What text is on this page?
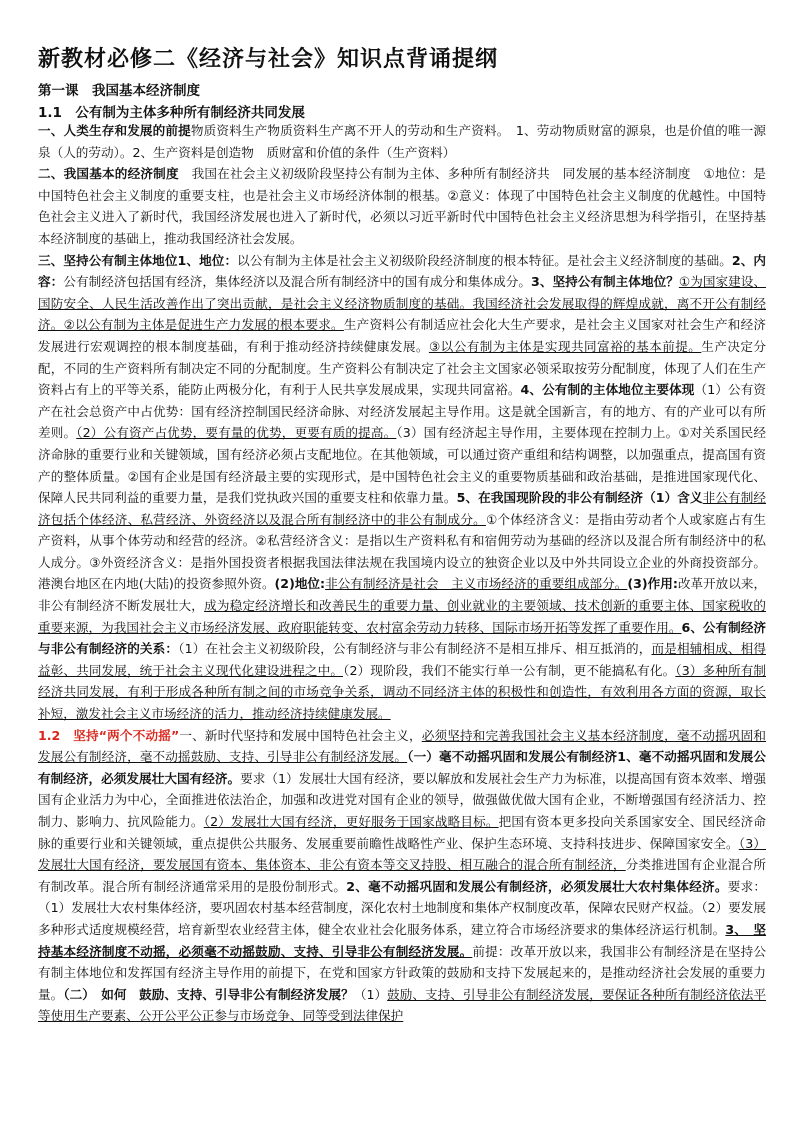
新教材必修二《经济与社会》知识点背诵提纲
第一课　我国基本经济制度
1.1　公有制为主体多种所有制经济共同发展

一、人类生存和发展的前提物质资料生产物质资料生产离不开人的劳动和生产资料。　1、劳动物质财富的源泉，也是价值的唯一源泉（人的劳动）。2、生产资料是创造物　质财富和价值的条件（生产资料）

二、我国基本的经济制度　我国在社会主义初级阶段坚持公有制为主体、多种所有制经济共　同发展的基本经济制度　①地位：是中国特色社会主义制度的重要支柱，也是社会主义市场经济体制的根基。②意义：体现了中国特色社会主义制度的优越性。中国特色社会主义进入了新时代，我国经济发展也进入了新时代，必须以习近平新时代中国特色社会主义经济思想为科学指引，在坚持基本经济制度的基础上，推动我国经济社会发展。

三、坚持公有制主体地位1、地位：以公有制为主体是社会主义初级阶段经济制度的根本特征。是社会主义经济制度的基础。2、内容：公有制经济包括国有经济，集体经济以及混合所有制经济中的国有成分和集体成分。3、坚持公有制主体地位？①为国家建设、国防安全、人民生活改善作出了突出贡献，是社会主义经济物质制度的基础。我国经济社会发展取得的辉煌成就，离不开公有制经济。②以公有制为主体是促进生产力发展的根本要求。生产资料公有制适应社会化大生产要求，是社会主义国家对社会生产和经济发展进行宏观调控的根本制度基础，有利于推动经济持续健康发展。③以公有制为主体是实现共同富裕的基本前提。生产决定分配，不同的生产资料所有制决定不同的分配制度。生产资料公有制决定了社会主文国家必领采取按劳分配制度，体现了人们在生产资料占有上的平等关系，能防止两极分化，有利于人民共享发展成果，实现共同富裕。4、公有制的主体地位主要体现（1）公有资产在社会总资产中占优势：国有经济控制国民经济命脉、对经济发展起主导作用。这是就全国新言，有的地方、有的产业可以有所差则。（2）公有资产占优势，要有量的优势，更要有质的提高。（3）国有经济起主导作用，主要体现在控制力上。①对关系国民经济命脉的重要行业和关键领域，国有经济必须占支配地位。在其他领域，可以通过资产重组和结构调整，以加强重点，提高国有资产的整体质量。②国有企业是国有经济最主要的实现形式，是中国特色社会主义的重要物质基础和政治基础，是推进国家现代化、保障人民共同利益的重要力量，是我们党执政兴国的重要支柱和依靠力量。5、在我国现阶段的非公有制经济（1）含义非公有制经济包括个体经济、私营经济、外资经济以及混合所有制经济中的非公有制成分。①个体经济含义：是指由劳动者个人或家庭占有生产资料，从事个体劳动和经营的经济。②私营经济含义：是指以生产资料私有和宿佣劳动为基础的经济以及混合所有制经济中的私人成分。③外资经济含义：是指外国投资者根据我国法律法规在我国境内设立的独资企业以及中外共同设立企业的外商投资部分。港澳台地区在内地(大陆)的投资参照外资。(2)地位:非公有制经济是社会　主义市场经济的重要组成部分。(3)作用:改革开放以来，非公有制经济不断发展壮大，成为稳定经济增长和改善民生的重要力量、创业就业的主要领域、技术创新的重要主体、国家税收的重要来源，为我国社会主义市场经济发展、政府职能转变、农村富余劳动力转移、国际市场开拓等发挥了重要作用。6、公有制经济与非公有制经济的关系：（1）在社会主义初级阶段，公有制经济与非公有制经济不是相互排斥、相互抵消的，而是相辅相成、相得益彰、共同发展，统于社会主义现代化建设进程之中。（2）现阶段，我们不能实行单一公有制，更不能搞私有化。（3）多种所有制经济共同发展，有利于形成各种所有制之间的市场竞争关系，调动不同经济主体的积极性和创造性，有效利用各方面的资源，取长补短，激发社会主义市场经济的活力，推动经济持续健康发展。

1.2　坚持“两个不动摇”一、新时代坚持和发展中国特色社会主义，必须坚持和完善我国社会主义基本经济制度，毫不动摇巩固和发展公有制经济，毫不动摇鼓励、支持、引导非公有制经济发展。（一）毫不动摇巩固和发展公有制经济1、毫不动摇巩固和发展公有制经济，必须发展壮大国有经济。要求（1）发展壮大国有经济，要以解放和发展社会生产力为标准，以提高国有资本效率、增强国有企业活力为中心，全面推进依法治企，加强和改进党对国有企业的领导，做强做优做大国有企业，不断增强国有经济活力、控制力、影响力、抗风险能力。（2）发展壮大国有经济，更好服务于国家战略目标。把国有资本更多投向关系国家安全、国民经济命脉的重要行业和关键领域，重点提供公共服务、发展重要前瞻性战略性产业、保护生态环境、支持科技进步、保障国家安全。（3）发展壮大国有经济，要发展国有资本、集体资本、非公有资本等交叉持股、相互融合的混合所有制经济，分类推进国有企业混合所有制改革。混合所有制经济通常采用的是股份制形式。2、毫不动摇巩固和发展公有制经济，必须发展壮大农村集体经济。要求：（1）发展壮大农村集体经济，要巩固农村基本经营制度，深化农村土地制度和集体产权制度改革，保障农民财产权益。（2）要发展多种形式适度规模经营，培育新型农业经营主体，健全农业社会化服务体系，建立符合市场经济要求的集体经济运行机制。3、　坚持基本经济制度不动摇，必须毫不动摇鼓励、支持、引导非公有制经济发展。前提：改革开放以来，我国非公有制经济是在坚持公有制主体地位和发挥国有经济主导作用的前提下，在党和国家方针政策的鼓励和支持下发展起来的，是推动经济社会发展的重要力量。（二）　如何　鼓励、支持、引导非公有制经济发展？（1）鼓励、支持、引导非公有制经济发展，要保证各种所有制经济依法平等使用生产要素、公开公平公正参与市场竞争、同等受到法律保护
